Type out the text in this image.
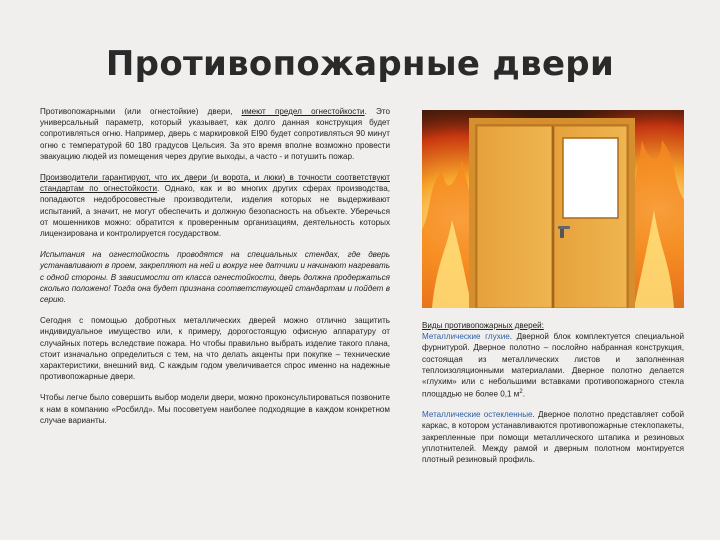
Противопожарные двери

Противопожарными (или огнестойкие) двери, имеют предел огнестойкости. Это универсальный параметр, который указывает, как долго данная конструкция будет сопротивляться огню. Например, дверь с маркировкой EI90 будет сопротивляться 90 минут огню с температурой 60 180 градусов Цельсия. За это время вполне возможно провести эвакуацию людей из помещения через другие выходы, а часто - и потушить пожар.

Производители гарантируют, что их двери (и ворота, и люки) в точности соответствуют стандартам по огнестойкости. Однако, как и во многих других сферах производства, попадаются недобросовестные производители, изделия которых не выдерживают испытаний, а значит, не могут обеспечить и должную безопасность на объекте. Уберечься от мошенников можно: обратится к проверенным организациям, деятельность которых лицензирована и контролируется государством.

Испытания на огнестойкость проводятся на специальных стендах, где дверь устанавливают в проем, закрепляют на ней и вокруг нее датчики и начинают нагревать с одной стороны. В зависимости от класса огнестойкости, дверь должна продержаться сколько положено! Тогда она будет признана соответствующей стандартам и пойдет в серию.

Сегодня с помощью добротных металлических дверей можно отлично защитить индивидуальное имущество или, к примеру, дорогостоящую офисную аппаратуру от случайных потерь вследствие пожара. Но чтобы правильно выбрать изделие такого плана, стоит изначально определиться с тем, на что делать акценты при покупке – технические характеристики, внешний вид. С каждым годом увеличивается спрос именно на надежные противопожарные двери.

Чтобы легче было совершить выбор модели двери, можно проконсультироваться позвоните к нам в компанию «Росбилд». Мы посоветуем наиболее подходящие в каждом конкретном случае варианты.

Виды противопожарных дверей:

Металлические глухие. Дверной блок комплектуется специальной фурнитурой. Дверное полотно – послойно набранная конструкция, состоящая из металлических листов и заполненная теплоизоляционными материалами. Дверное полотно делается «глухим» или с небольшими вставками противопожарного стекла площадью не более 0,1 $м^2$.

Металлические остекленные. Дверное полотно представляет собой каркас, в котором устанавливаются противопожарные стеклопакеты, закрепленные при помощи металлического штапика и резиновых уплотнителей. Между рамой и дверным полотном монтируется плотный резиновый профиль.
